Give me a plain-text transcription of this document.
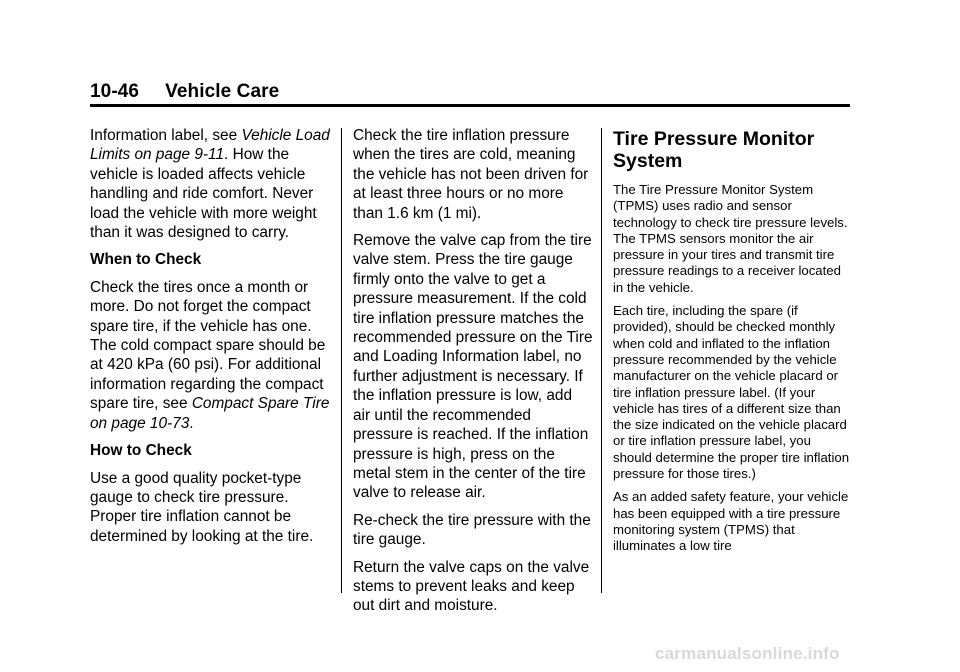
10-46 Vehicle Care

Information label, see Vehicle Load Limits on page 9-11. How the vehicle is loaded affects vehicle handling and ride comfort. Never load the vehicle with more weight than it was designed to carry.

When to Check

Check the tires once a month or more. Do not forget the compact spare tire, if the vehicle has one. The cold compact spare should be at 420 kPa (60 psi). For additional information regarding the compact spare tire, see Compact Spare Tire on page 10-73.

How to Check

Use a good quality pocket-type gauge to check tire pressure. Proper tire inflation cannot be determined by looking at the tire.

Check the tire inflation pressure when the tires are cold, meaning the vehicle has not been driven for at least three hours or no more than 1.6 km (1 mi).

Remove the valve cap from the tire valve stem. Press the tire gauge firmly onto the valve to get a pressure measurement. If the cold tire inflation pressure matches the recommended pressure on the Tire and Loading Information label, no further adjustment is necessary. If the inflation pressure is low, add air until the recommended pressure is reached. If the inflation pressure is high, press on the metal stem in the center of the tire valve to release air.

Re-check the tire pressure with the tire gauge.

Return the valve caps on the valve stems to prevent leaks and keep out dirt and moisture.

Tire Pressure Monitor System

The Tire Pressure Monitor System (TPMS) uses radio and sensor technology to check tire pressure levels. The TPMS sensors monitor the air pressure in your tires and transmit tire pressure readings to a receiver located in the vehicle.

Each tire, including the spare (if provided), should be checked monthly when cold and inflated to the inflation pressure recommended by the vehicle manufacturer on the vehicle placard or tire inflation pressure label. (If your vehicle has tires of a different size than the size indicated on the vehicle placard or tire inflation pressure label, you should determine the proper tire inflation pressure for those tires.)

As an added safety feature, your vehicle has been equipped with a tire pressure monitoring system (TPMS) that illuminates a low tire

carmanualsonline.info
